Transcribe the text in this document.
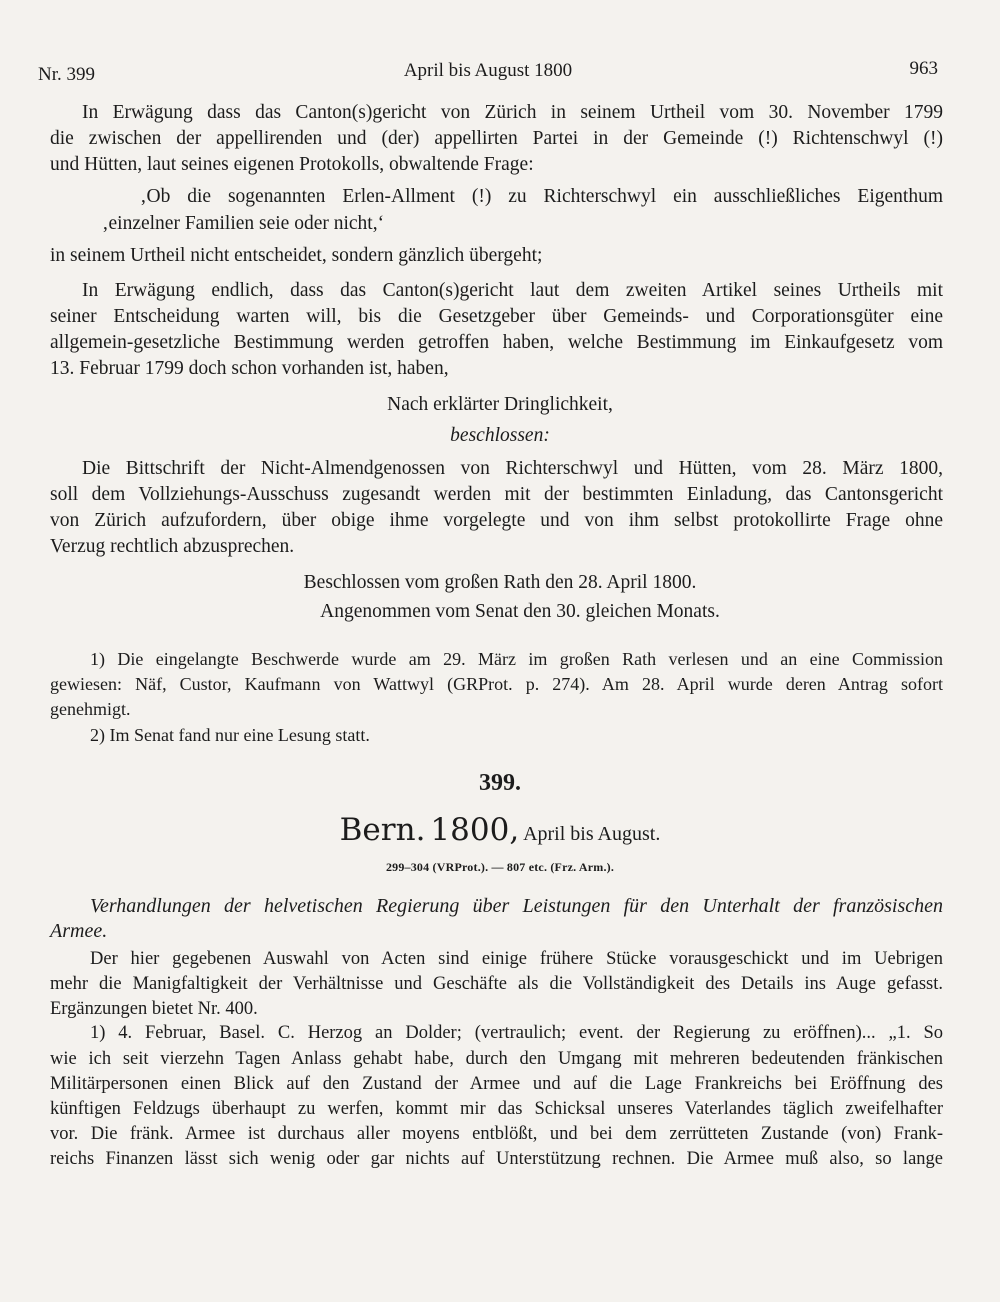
Nr. 399	April bis August 1800	963
In Erwägung dass das Canton(s)gericht von Zürich in seinem Urtheil vom 30. November 1799
die zwischen der appellirenden und (der) appellirten Partei in der Gemeinde (!) Richtenschwyl (!)
und Hütten, laut seines eigenen Protokolls, obwaltende Frage:
‚Ob die sogenannten Erlen-Allment (!) zu Richterschwyl ein ausschließliches Eigenthum
‚einzelner Familien seie oder nicht,‘
in seinem Urtheil nicht entscheidet, sondern gänzlich übergeht;
In Erwägung endlich, dass das Canton(s)gericht laut dem zweiten Artikel seines Urtheils mit
seiner Entscheidung warten will, bis die Gesetzgeber über Gemeinds- und Corporationsgüter eine
allgemein-gesetzliche Bestimmung werden getroffen haben, welche Bestimmung im Einkaufgesetz vom
13. Februar 1799 doch schon vorhanden ist, haben,
Nach erklärter Dringlichkeit,
beschlossen:
Die Bittschrift der Nicht-Almendgenossen von Richterschwyl und Hütten, vom 28. März 1800,
soll dem Vollziehungs-Ausschuss zugesandt werden mit der bestimmten Einladung, das Cantonsgericht
von Zürich aufzufordern, über obige ihme vorgelegte und von ihm selbst protokollirte Frage ohne
Verzug rechtlich abzusprechen.
Beschlossen vom großen Rath den 28. April 1800.
Angenommen vom Senat den 30. gleichen Monats.
1) Die eingelangte Beschwerde wurde am 29. März im großen Rath verlesen und an eine Commission
gewiesen: Näf, Custor, Kaufmann von Wattwyl (GRProt. p. 274). Am 28. April wurde deren Antrag sofort
genehmigt.
2) Im Senat fand nur eine Lesung statt.
399.
Bern. 1800, April bis August.
299–304 (VRProt.). — 807 etc. (Frz. Arm.).
Verhandlungen der helvetischen Regierung über Leistungen für den Unterhalt der französischen
Armee.
Der hier gegebenen Auswahl von Acten sind einige frühere Stücke vorausgeschickt und im Uebrigen
mehr die Manigfaltigkeit der Verhältnisse und Geschäfte als die Vollständigkeit des Details ins Auge gefasst.
Ergänzungen bietet Nr. 400.
1) 4. Februar, Basel. C. Herzog an Dolder; (vertraulich; event. der Regierung zu eröffnen)... „1. So
wie ich seit vierzehn Tagen Anlass gehabt habe, durch den Umgang mit mehreren bedeutenden fränkischen
Militärpersonen einen Blick auf den Zustand der Armee und auf die Lage Frankreichs bei Eröffnung des
künftigen Feldzugs überhaupt zu werfen, kommt mir das Schicksal unseres Vaterlandes täglich zweifelhafter
vor. Die fränk. Armee ist durchaus aller moyens entblößt, und bei dem zerrütteten Zustande (von) Frank-
reichs Finanzen lässt sich wenig oder gar nichts auf Unterstützung rechnen. Die Armee muß also, so lange
